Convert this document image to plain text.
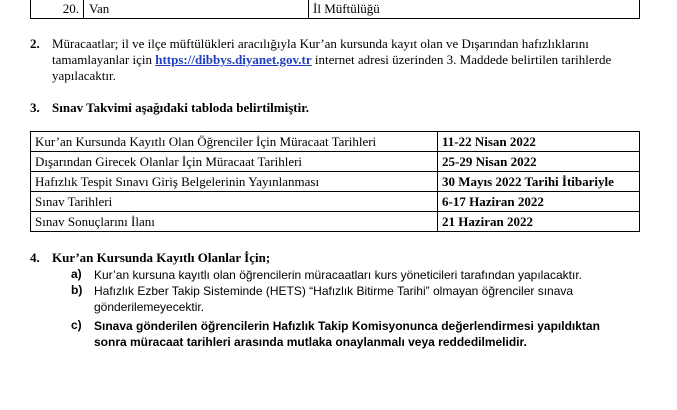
20. Van	İl Müftülüğü
2. Müracaatlar; il ve ilçe müftülükleri aracılığıyla Kur’an kursunda kayıt olan ve Dışarından hafızlıklarını
tamamlayanlar için https://dibbys.diyanet.gov.tr internet adresi üzerinden 3. Maddede belirtilen tarihlerde
yapılacaktır.
3. Sınav Takvimi aşağıdaki tabloda belirtilmiştir.
Kur’an Kursunda Kayıtlı Olan Öğrenciler İçin Müracaat Tarihleri	11-22 Nisan 2022
Dışarından Girecek Olanlar İçin Müracaat Tarihleri	25-29 Nisan 2022
Hafızlık Tespit Sınavı Giriş Belgelerinin Yayınlanması	30 Mayıs 2022 Tarihi İtibariyle
Sınav Tarihleri	6-17 Haziran 2022
Sınav Sonuçlarını İlanı	21 Haziran 2022
4. Kur’an Kursunda Kayıtlı Olanlar İçin;
a) Kur’an kursuna kayıtlı olan öğrencilerin müracaatları kurs yöneticileri tarafından yapılacaktır.
b) Hafızlık Ezber Takip Sisteminde (HETS) “Hafızlık Bitirme Tarihi” olmayan öğrenciler sınava
gönderilemeyecektir.
c) Sınava gönderilen öğrencilerin Hafızlık Takip Komisyonunca değerlendirmesi yapıldıktan
sonra müracaat tarihleri arasında mutlaka onaylanmalı veya reddedilmelidir.
